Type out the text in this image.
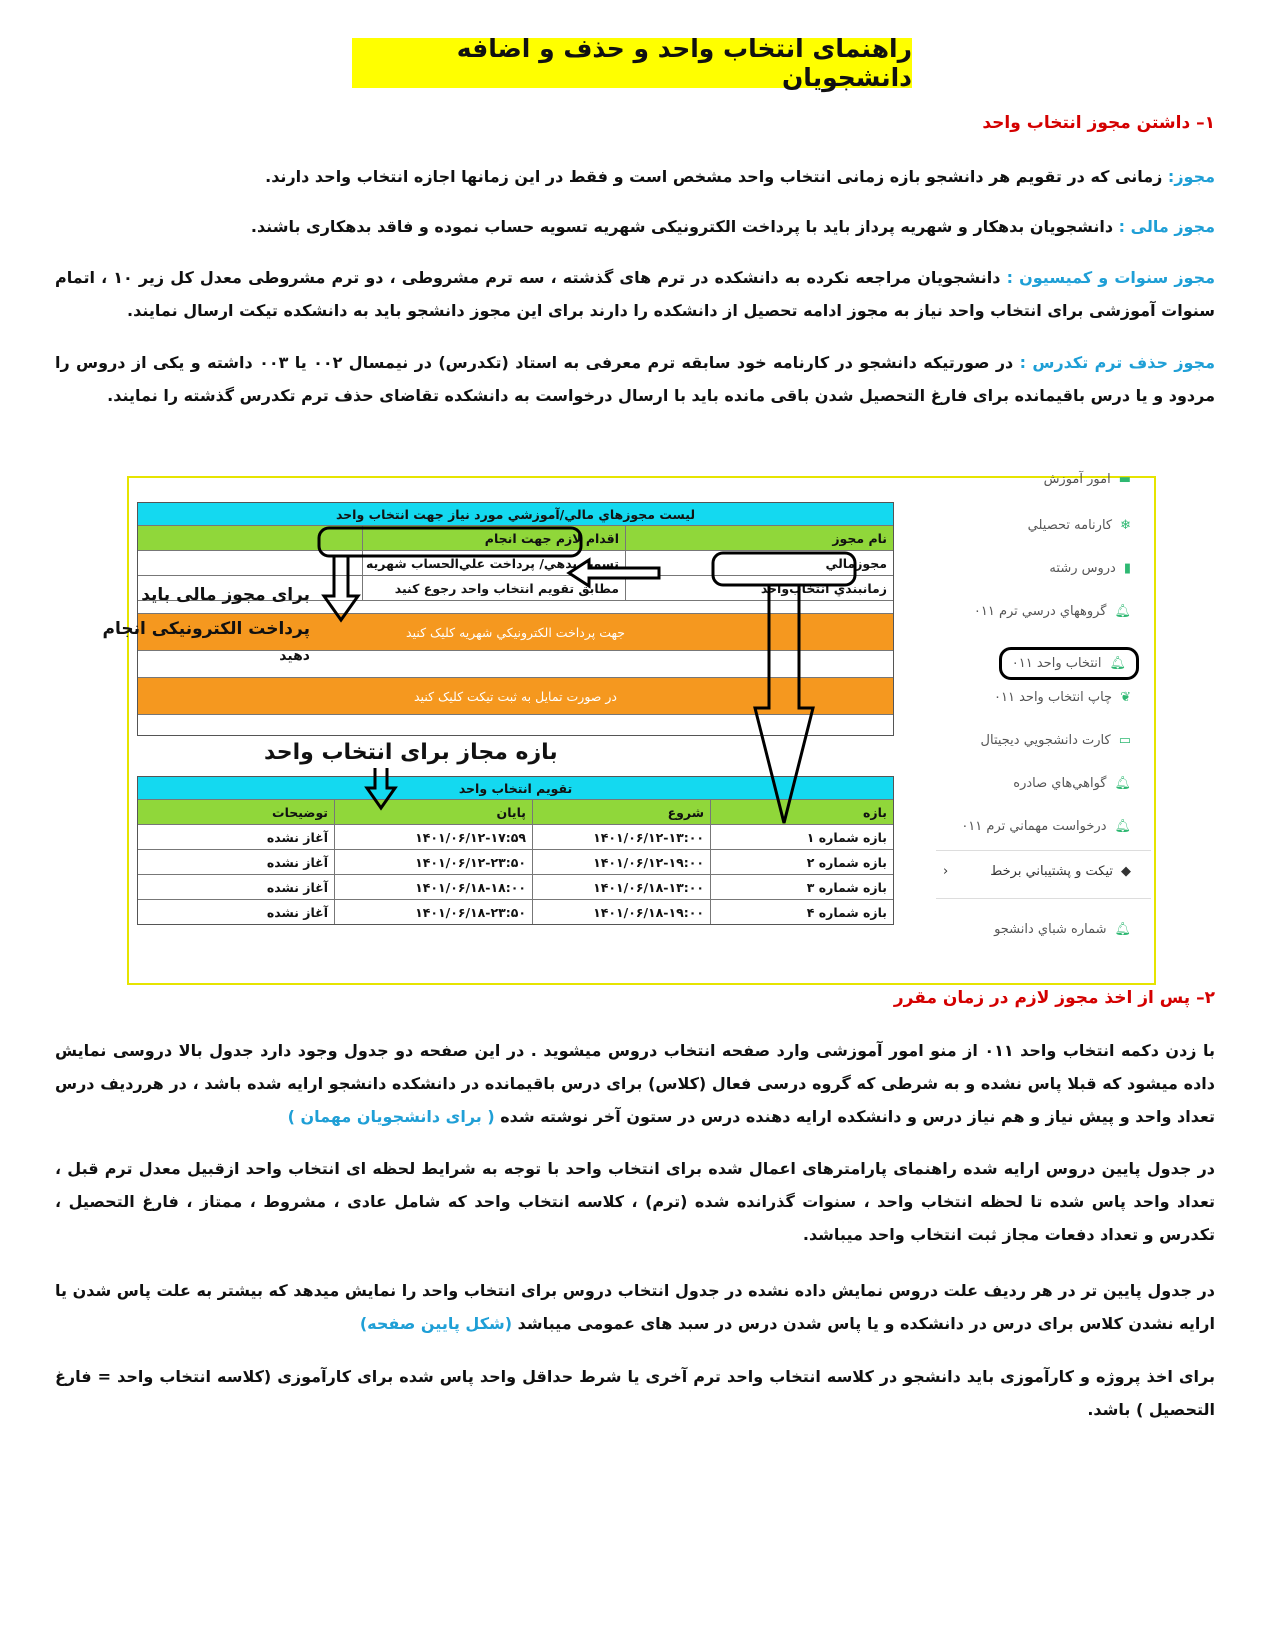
راهنمای انتخاب واحد و حذف و اضافه دانشجویان
۱– داشتن مجوز انتخاب واحد
مجوز: زمانی که در تقویم هر دانشجو بازه زمانی انتخاب واحد مشخص است و فقط در این زمانها اجازه انتخاب واحد دارند.
مجوز مالی : دانشجویان بدهکار و شهریه پرداز باید با پرداخت الکترونیکی شهریه تسویه حساب نموده و فاقد بدهکاری باشند.
مجوز سنوات و کمیسیون : دانشجویان مراجعه نکرده به دانشکده در ترم های گذشته ، سه ترم مشروطی ، دو ترم مشروطی معدل کل زیر ۱۰ ، اتمام سنوات آموزشی برای انتخاب واحد نیاز به مجوز ادامه تحصیل از دانشکده را دارند برای این مجوز دانشجو باید به دانشکده تیکت ارسال نمایند.
مجوز حذف ترم تکدرس : در صورتیکه دانشجو در کارنامه خود سابقه ترم معرفی به استاد (تکدرس) در نیمسال ۰۰۲ یا ۰۰۳ داشته و یکی از دروس را مردود و یا درس باقیمانده برای فارغ التحصیل شدن باقی مانده باید با ارسال درخواست به دانشکده تقاضای حذف ترم تکدرس گذشته را نمایند.
ليست مجوزهاي مالي/آموزشي مورد نياز جهت انتخاب واحد
نام مجوز
اقدام لازم جهت انجام
مجوزمالي
تسويه بدهي/ پرداخت علي‌الحساب شهريه
زمانبندي انتخاب‌واحد
مطابق تقويم انتخاب واحد رجوع كنيد
جهت پرداخت الكترونيكي شهريه كليک كنيد
در صورت تمايل به ثبت تيكت كليک كنيد
تقويم انتخاب واحد
بازه
شروع
پايان
توضيحات
بازه شماره ۱
۱۴۰۱/۰۶/۱۲-۱۳:۰۰
۱۴۰۱/۰۶/۱۲-۱۷:۵۹
آغاز نشده
بازه شماره ۲
۱۴۰۱/۰۶/۱۲-۱۹:۰۰
۱۴۰۱/۰۶/۱۲-۲۳:۵۰
آغاز نشده
بازه شماره ۳
۱۴۰۱/۰۶/۱۸-۱۳:۰۰
۱۴۰۱/۰۶/۱۸-۱۸:۰۰
آغاز نشده
بازه شماره ۴
۱۴۰۱/۰۶/۱۸-۱۹:۰۰
۱۴۰۱/۰۶/۱۸-۲۳:۵۰
آغاز نشده
برای مجوز مالی باید
پرداخت الکترونیکی انجام
دهید
بازه مجاز برای انتخاب واحد
▬
امور آموزش
❄
كارنامه تحصيلي
▮
دروس رشته
🔔︎
گروههاي درسي ترم ۰۱۱
🔔︎
انتخاب واحد ۰۱۱
❦
چاپ انتخاب واحد ۰۱۱
▭
كارت دانشجويي ديجيتال
🔔︎
گواهي‌هاي صادره
🔔︎
درخواست مهماني ترم ۰۱۱
◆
تيكت و پشتيباني برخط
‹
🔔︎
شماره شباي دانشجو
۲– پس از اخذ مجوز لازم در زمان مقرر
با زدن دکمه انتخاب واحد ۰۱۱ از منو امور آموزشی وارد صفحه انتخاب دروس میشوید . در این صفحه دو جدول وجود دارد جدول بالا دروسی نمایش داده میشود که قبلا پاس نشده و به شرطی که گروه درسی فعال (کلاس) برای درس باقیمانده در دانشکده دانشجو ارایه شده باشد ، در هرردیف درس تعداد واحد و پیش نیاز و هم نیاز درس و دانشکده ارایه دهنده درس در ستون آخر نوشته شده ( برای دانشجویان مهمان )
در جدول پایین دروس ارایه شده راهنمای پارامترهای اعمال شده برای انتخاب واحد با توجه به شرایط لحظه ای انتخاب واحد ازقبیل معدل ترم قبل ، تعداد واحد پاس شده تا لحظه انتخاب واحد ، سنوات گذرانده شده (ترم) ، کلاسه انتخاب واحد که شامل عادی ، مشروط ، ممتاز ، فارغ التحصیل ، تکدرس و تعداد دفعات مجاز ثبت انتخاب واحد میباشد.
در جدول پایین تر در هر ردیف علت دروس نمایش داده نشده در جدول انتخاب دروس برای انتخاب واحد را نمایش میدهد که بیشتر به علت پاس شدن یا ارایه نشدن کلاس برای درس در دانشکده و یا پاس شدن درس در سبد های عمومی میباشد (شکل پایین صفحه)
برای اخذ پروژه و کارآموزی باید دانشجو در کلاسه انتخاب واحد ترم آخری یا شرط حداقل واحد پاس شده برای کارآموزی (کلاسه انتخاب واحد = فارغ التحصیل ) باشد.
